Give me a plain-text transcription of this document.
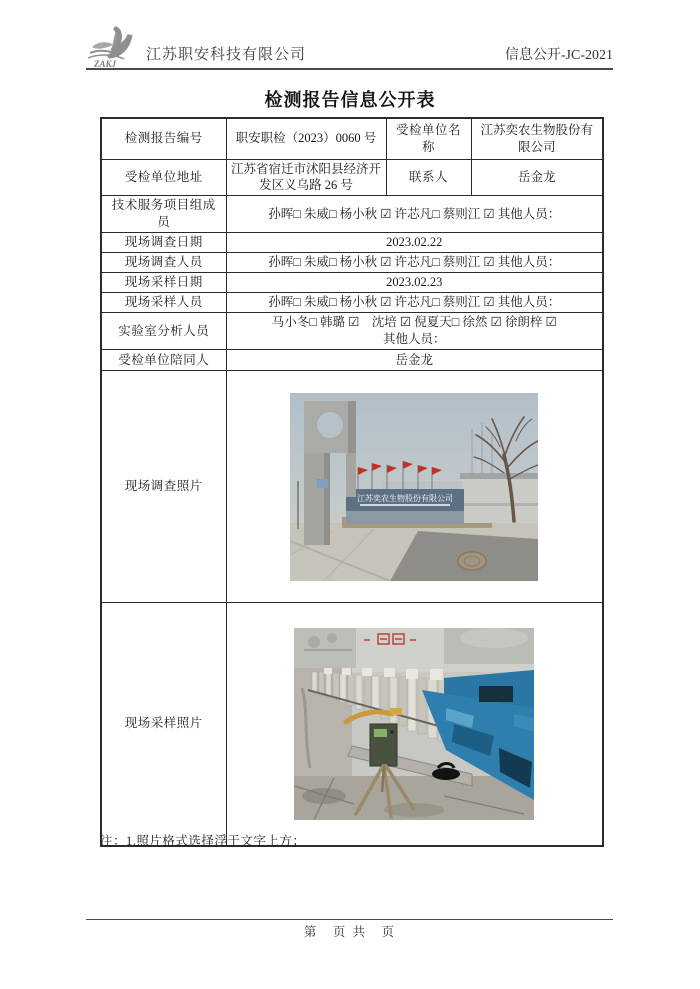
ZAKJ
江苏职安科技有限公司	信息公开-JC-2021
检测报告信息公开表
检测报告编号	职安职检（2023）0060 号	受检单位名称	江苏奕农生物股份有限公司
受检单位地址	江苏省宿迁市沭阳县经济开发区义乌路 26 号	联系人	岳金龙
技术服务项目组成员	孙晖□ 朱威□ 杨小秋 ☑ 许芯凡□ 蔡则江 ☑ 其他人员：		
现场调查日期	2023.02.22		
现场调查人员	孙晖□ 朱威□ 杨小秋 ☑ 许芯凡□ 蔡则江 ☑ 其他人员：		
现场采样日期	2023.02.23		
现场采样人员	孙晖□ 朱威□ 杨小秋 ☑ 许芯凡□ 蔡则江 ☑ 其他人员：		
实验室分析人员	马小冬□ 韩璐 ☑　沈培 ☑ 倪夏天□ 徐然 ☑ 徐朗梓 ☑
其他人员：		

受检单位陪同人	岳金龙		
现场调查照片	江苏奕农生物股份有限公司		

现场采样照片	
注：1.照片格式选择浮于文字上方；
第　页 共　页
